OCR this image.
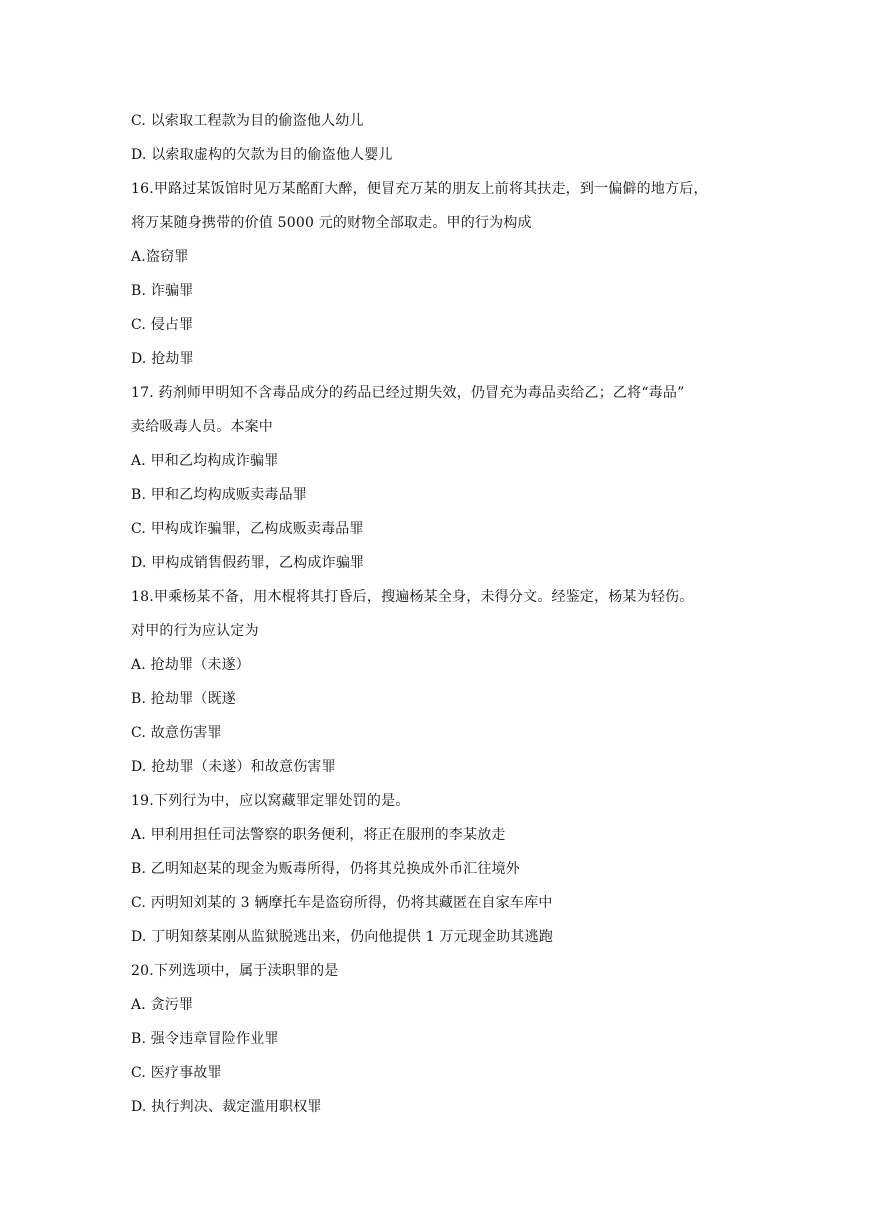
C. 以索取工程款为目的偷盗他人幼儿
D. 以索取虚构的欠款为目的偷盗他人婴儿
16.甲路过某饭馆时见万某酩酊大醉，便冒充万某的朋友上前将其扶走，到一偏僻的地方后，
将万某随身携带的价值 5000 元的财物全部取走。甲的行为构成
A.盗窃罪
B. 诈骗罪
C. 侵占罪
D. 抢劫罪
17. 药剂师甲明知不含毒品成分的药品已经过期失效，仍冒充为毒品卖给乙；乙将“毒品”
卖给吸毒人员。本案中
A. 甲和乙均构成诈骗罪
B. 甲和乙均构成贩卖毒品罪
C. 甲构成诈骗罪，乙构成贩卖毒品罪
D. 甲构成销售假药罪，乙构成诈骗罪
18.甲乘杨某不备，用木棍将其打昏后，搜遍杨某全身，未得分文。经鉴定，杨某为轻伤。
对甲的行为应认定为
A. 抢劫罪（未遂）
B. 抢劫罪（既遂
C. 故意伤害罪
D. 抢劫罪（未遂）和故意伤害罪
19.下列行为中，应以窝藏罪定罪处罚的是。
A. 甲利用担任司法警察的职务便利，将正在服刑的李某放走
B. 乙明知赵某的现金为贩毒所得，仍将其兑换成外币汇往境外
C. 丙明知刘某的 3 辆摩托车是盗窃所得，仍将其藏匿在自家车库中
D. 丁明知蔡某刚从监狱脱逃出来，仍向他提供 1 万元现金助其逃跑
20.下列选项中，属于渎职罪的是
A. 贪污罪
B. 强令违章冒险作业罪
C. 医疗事故罪
D. 执行判决、裁定滥用职权罪
